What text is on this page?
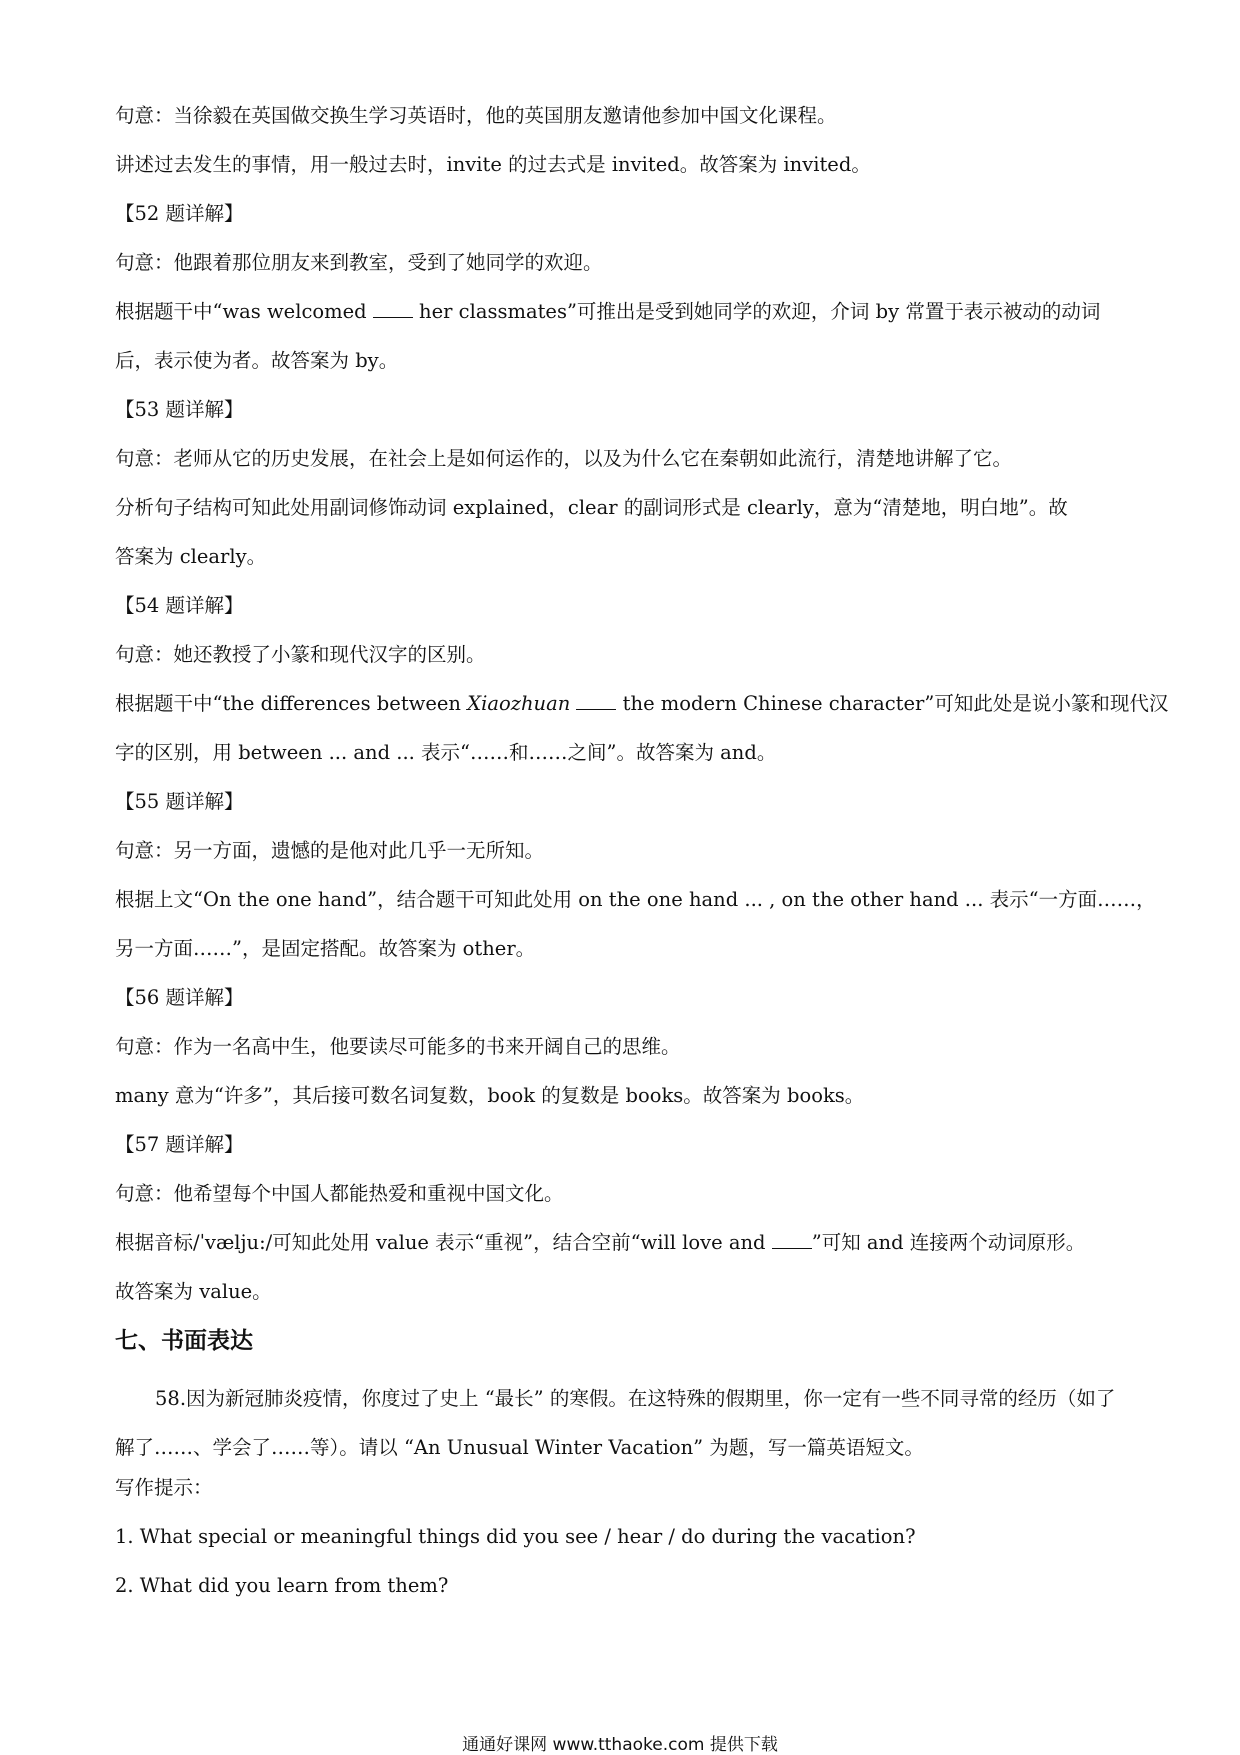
句意：当徐毅在英国做交换生学习英语时，他的英国朋友邀请他参加中国文化课程。
讲述过去发生的事情，用一般过去时，invite 的过去式是 invited。故答案为 invited。
【52 题详解】
句意：他跟着那位朋友来到教室，受到了她同学的欢迎。
根据题干中“was welcomed	her classmates”可推出是受到她同学的欢迎，介词 by 常置于表示被动的动词
后，表示使为者。故答案为 by。
【53 题详解】
句意：老师从它的历史发展，在社会上是如何运作的，以及为什么它在秦朝如此流行，清楚地讲解了它。
分析句子结构可知此处用副词修饰动词 explained，clear 的副词形式是 clearly，意为“清楚地，明白地”。故
答案为 clearly。
【54 题详解】
句意：她还教授了小篆和现代汉字的区别。
根据题干中“the differences between Xiaozhuan	the modern Chinese character”可知此处是说小篆和现代汉
字的区别，用 between ... and ... 表示“……和……之间”。故答案为 and。
【55 题详解】
句意：另一方面，遗憾的是他对此几乎一无所知。
根据上文“On the one hand”，结合题干可知此处用 on the one hand ... , on the other hand ... 表示“一方面……，
另一方面……”，是固定搭配。故答案为 other。
【56 题详解】
句意：作为一名高中生，他要读尽可能多的书来开阔自己的思维。
many 意为“许多”，其后接可数名词复数，book 的复数是 books。故答案为 books。
【57 题详解】
句意：他希望每个中国人都能热爱和重视中国文化。
根据音标/ˈvælju:/可知此处用 value 表示“重视”，结合空前“will love and ”可知 and 连接两个动词原形。
故答案为 value。
七、书面表达
58.因为新冠肺炎疫情，你度过了史上 “最长” 的寒假。在这特殊的假期里，你一定有一些不同寻常的经历（如了解了……、学会了……等）。请以 “An Unusual Winter Vacation” 为题，写一篇英语短文。
写作提示：
1. What special or meaningful things did you see / hear / do during the vacation?
2. What did you learn from them?
通通好课网 www.tthaoke.com 提供下载
